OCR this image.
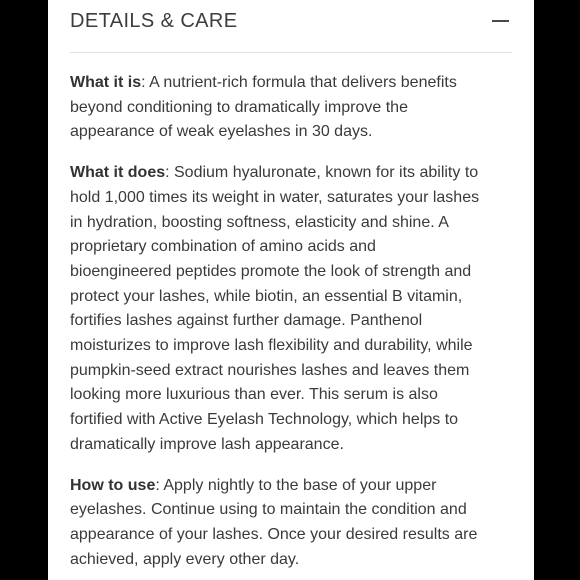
DETAILS & CARE
What it is: A nutrient-rich formula that delivers benefits
beyond conditioning to dramatically improve the
appearance of weak eyelashes in 30 days.
What it does: Sodium hyaluronate, known for its ability to
hold 1,000 times its weight in water, saturates your lashes
in hydration, boosting softness, elasticity and shine. A
proprietary combination of amino acids and
bioengineered peptides promote the look of strength and
protect your lashes, while biotin, an essential B vitamin,
fortifies lashes against further damage. Panthenol
moisturizes to improve lash flexibility and durability, while
pumpkin-seed extract nourishes lashes and leaves them
looking more luxurious than ever. This serum is also
fortified with Active Eyelash Technology, which helps to
dramatically improve lash appearance.
How to use: Apply nightly to the base of your upper
eyelashes. Continue using to maintain the condition and
appearance of your lashes. Once your desired results are
achieved, apply every other day.
